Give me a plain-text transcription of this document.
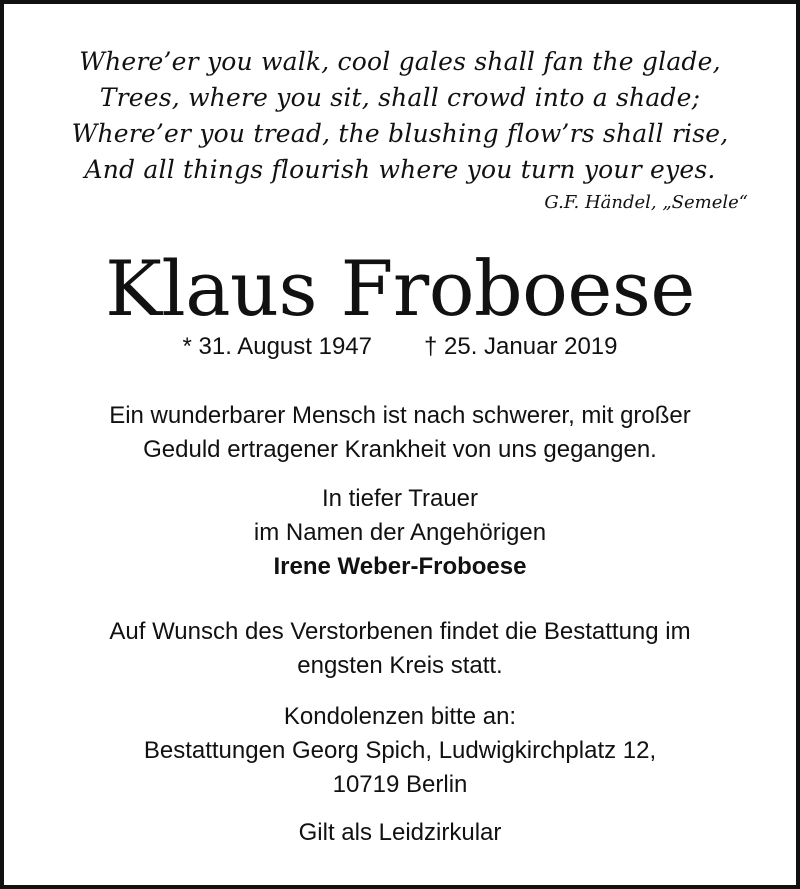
Where’er you walk, cool gales shall fan the glade,
Trees, where you sit, shall crowd into a shade;
Where’er you tread, the blushing flow’rs shall rise,
And all things flourish where you turn your eyes.
G.F. Händel, „Semele“
Klaus Froboese
* 31. August 1947 † 25. Januar 2019
Ein wunderbarer Mensch ist nach schwerer, mit großer
Geduld ertragener Krankheit von uns gegangen.
In tiefer Trauer
im Namen der Angehörigen
Irene Weber-Froboese
Auf Wunsch des Verstorbenen findet die Bestattung im
engsten Kreis statt.
Kondolenzen bitte an:
Bestattungen Georg Spich, Ludwigkirchplatz 12,
10719 Berlin
Gilt als Leidzirkular
